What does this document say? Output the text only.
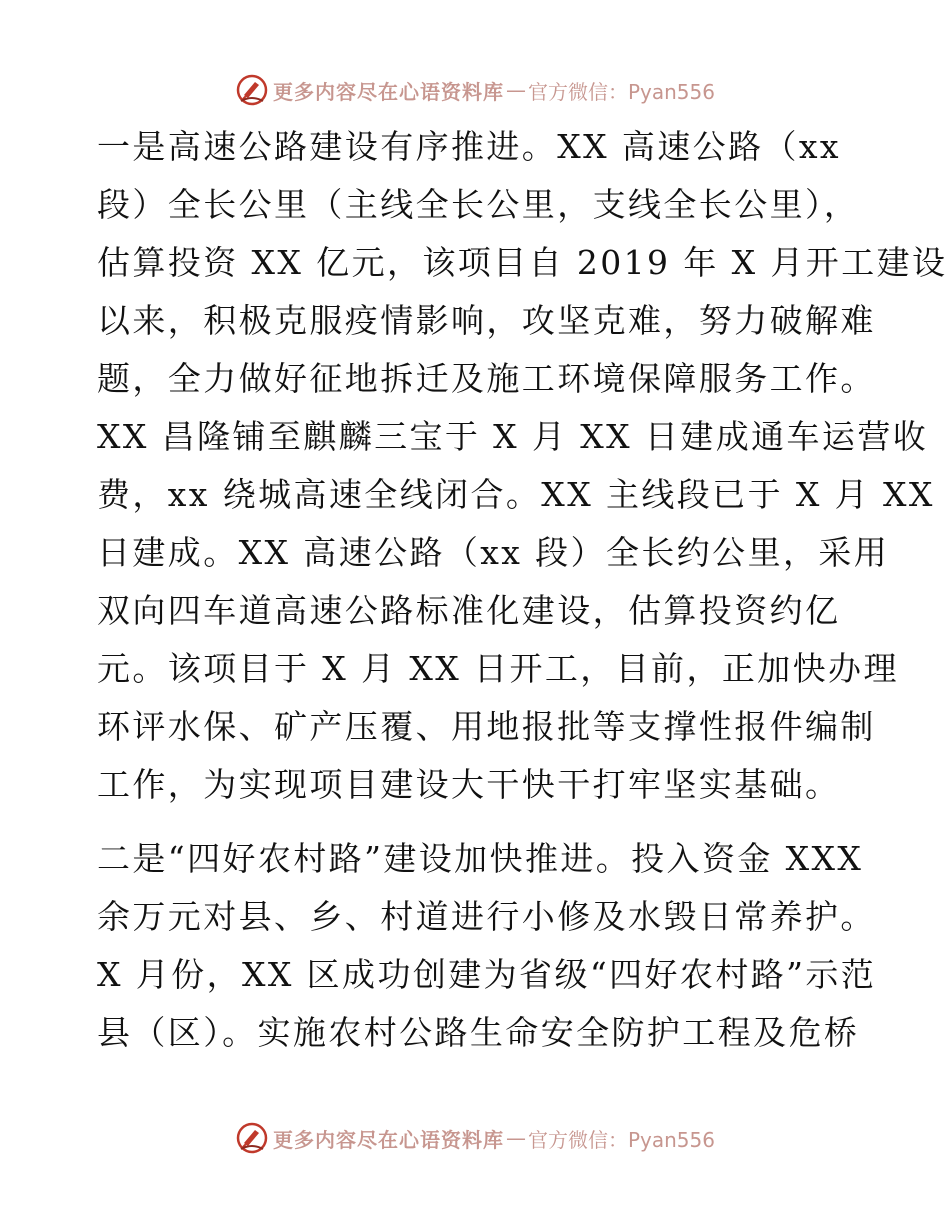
更多内容尽在心语资料库 — 官方微信：Pyan556
一是高速公路建设有序推进。XX 高速公路（xx
段）全长公里（主线全长公里，支线全长公里），
估算投资 XX 亿元，该项目自 2019 年 X 月开工建设
以来，积极克服疫情影响，攻坚克难，努力破解难
题，全力做好征地拆迁及施工环境保障服务工作。
XX 昌隆铺至麒麟三宝于 X 月 XX 日建成通车运营收
费，xx 绕城高速全线闭合。XX 主线段已于 X 月 XX
日建成。XX 高速公路（xx 段）全长约公里，采用
双向四车道高速公路标准化建设，估算投资约亿
元。该项目于 X 月 XX 日开工，目前，正加快办理
环评水保、矿产压覆、用地报批等支撑性报件编制
工作，为实现项目建设大干快干打牢坚实基础。
二是“四好农村路”建设加快推进。投入资金 XXX
余万元对县、乡、村道进行小修及水毁日常养护。
X 月份，XX 区成功创建为省级“四好农村路”示范
县（区）。实施农村公路生命安全防护工程及危桥
更多内容尽在心语资料库 — 官方微信：Pyan556
